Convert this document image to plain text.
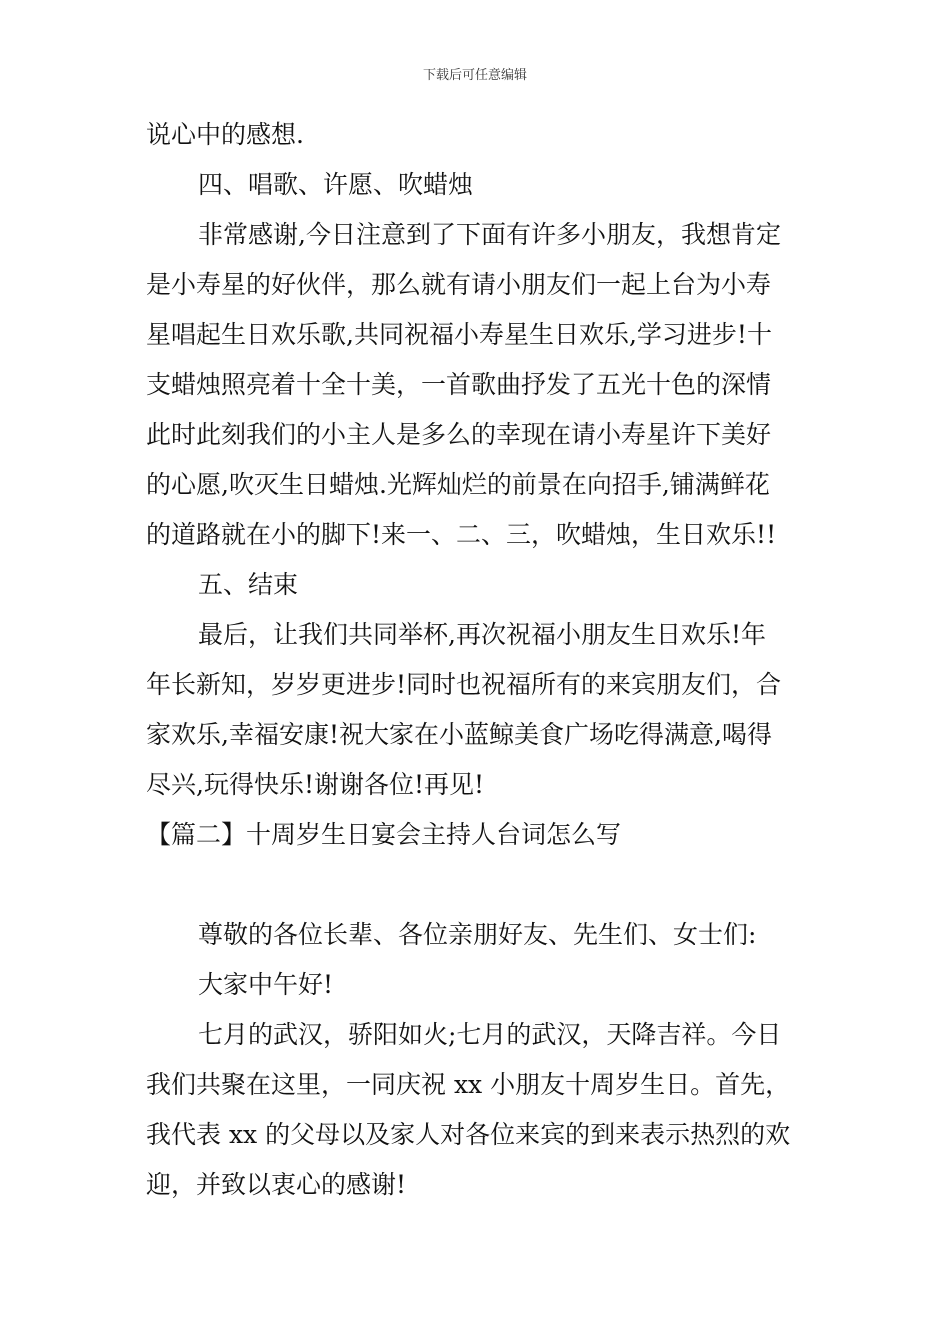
下载后可任意编辑
说心中的感想.
四、唱歌、许愿、吹蜡烛
非常感谢,今日注意到了下面有许多小朋友，我想肯定
是小寿星的好伙伴，那么就有请小朋友们一起上台为小寿
星唱起生日欢乐歌,共同祝福小寿星生日欢乐,学习进步!十
支蜡烛照亮着十全十美，一首歌曲抒发了五光十色的深情
此时此刻我们的小主人是多么的幸现在请小寿星许下美好
的心愿,吹灭生日蜡烛.光辉灿烂的前景在向招手,铺满鲜花
的道路就在小的脚下!来一、二、三，吹蜡烛，生日欢乐!!
五、结束
最后，让我们共同举杯,再次祝福小朋友生日欢乐!年
年长新知，岁岁更进步!同时也祝福所有的来宾朋友们，合
家欢乐,幸福安康!祝大家在小蓝鲸美食广场吃得满意,喝得
尽兴,玩得快乐!谢谢各位!再见!
【篇二】十周岁生日宴会主持人台词怎么写
尊敬的各位长辈、各位亲朋好友、先生们、女士们:
大家中午好!
七月的武汉，骄阳如火;七月的武汉，天降吉祥。今日
我们共聚在这里，一同庆祝 xx 小朋友十周岁生日。首先，
我代表 xx 的父母以及家人对各位来宾的到来表示热烈的欢
迎，并致以衷心的感谢!
